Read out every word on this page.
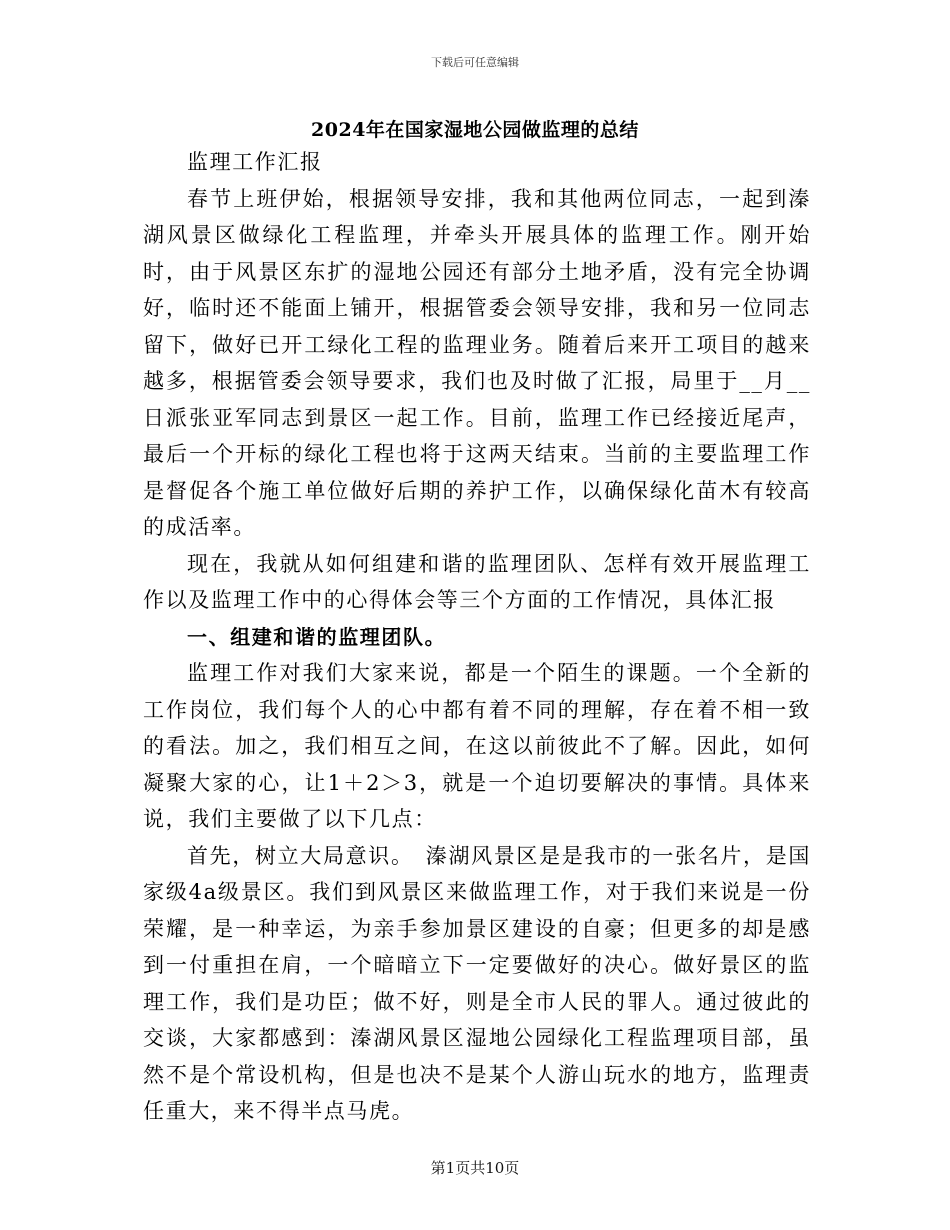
下载后可任意编辑
2024年在国家湿地公园做监理的总结

监理工作汇报

春节上班伊始，根据领导安排，我和其他两位同志，一起到溱湖风景区做绿化工程监理，并牵头开展具体的监理工作。刚开始时，由于风景区东扩的湿地公园还有部分土地矛盾，没有完全协调好，临时还不能面上铺开，根据管委会领导安排，我和另一位同志留下，做好已开工绿化工程的监理业务。随着后来开工项目的越来越多，根据管委会领导要求，我们也及时做了汇报，局里于__月__日派张亚军同志到景区一起工作。目前，监理工作已经接近尾声，最后一个开标的绿化工程也将于这两天结束。当前的主要监理工作是督促各个施工单位做好后期的养护工作，以确保绿化苗木有较高的成活率。

现在，我就从如何组建和谐的监理团队、怎样有效开展监理工作以及监理工作中的心得体会等三个方面的工作情况，具体汇报

一、组建和谐的监理团队。

监理工作对我们大家来说，都是一个陌生的课题。一个全新的工作岗位，我们每个人的心中都有着不同的理解，存在着不相一致的看法。加之，我们相互之间，在这以前彼此不了解。因此，如何凝聚大家的心，让1＋2＞3，就是一个迫切要解决的事情。具体来说，我们主要做了以下几点：

首先，树立大局意识。　溱湖风景区是是我市的一张名片，是国家级4a级景区。我们到风景区来做监理工作，对于我们来说是一份荣耀，是一种幸运，为亲手参加景区建设的自豪；但更多的却是感到一付重担在肩，一个暗暗立下一定要做好的决心。做好景区的监理工作，我们是功臣；做不好，则是全市人民的罪人。通过彼此的交谈，大家都感到：溱湖风景区湿地公园绿化工程监理项目部，虽然不是个常设机构，但是也决不是某个人游山玩水的地方，监理责任重大，来不得半点马虎。

第1页共10页
